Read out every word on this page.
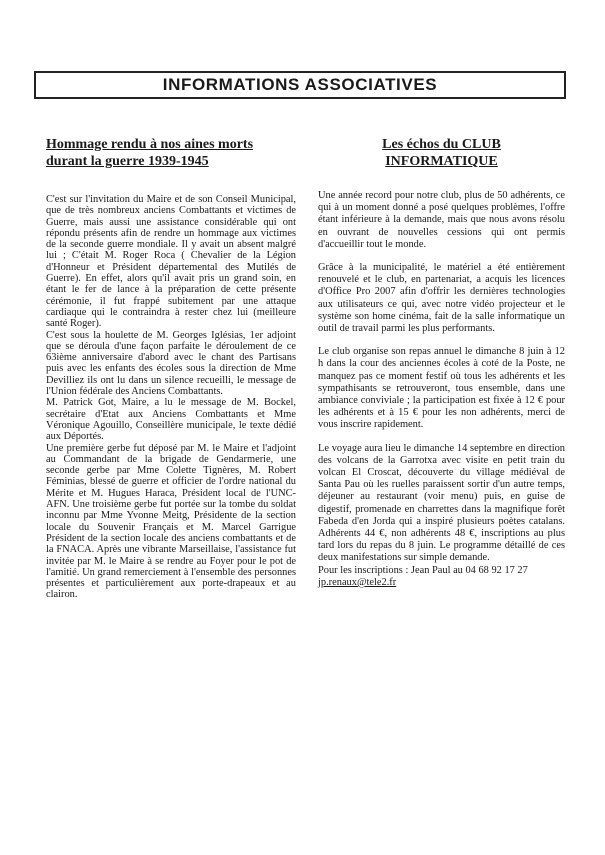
INFORMATIONS ASSOCIATIVES
Hommage rendu à nos aines morts
durant la guerre 1939-1945

C'est sur l'invitation du Maire et de son Conseil Municipal, que de très nombreux anciens Combattants et victimes de Guerre, mais aussi une assistance considérable qui ont répondu présents afin de rendre un hommage aux victimes de la seconde guerre mondiale. Il y avait un absent malgré lui ; C'était M. Roger Roca ( Chevalier de la Légion d'Honneur et Président départemental des Mutilés de Guerre). En effet, alors qu'il avait pris un grand soin, en étant le fer de lance à la préparation de cette présente cérémonie, il fut frappé subitement par une attaque cardiaque qui le contraindra à rester chez lui (meilleure santé Roger).

C'est sous la houlette de M. Georges Iglésias, 1er adjoint que se déroula d'une façon parfaite le déroulement de ce 63ième anniversaire d'abord avec le chant des Partisans puis avec les enfants des écoles sous la direction de Mme Devilliez ils ont lu dans un silence recueilli, le message de l'Union fédérale des Anciens Combattants.

M. Patrick Got, Maire, a lu le message de M. Bockel, secrétaire d'Etat aux Anciens Combattants et Mme Véronique Agouillo, Conseillère municipale, le texte dédié aux Déportés.

Une première gerbe fut déposé par M. le Maire et l'adjoint au Commandant de la brigade de Gendarmerie, une seconde gerbe par Mme Colette Tignères, M. Robert Féminias, blessé de guerre et officier de l'ordre national du Mérite et M. Hugues Haraca, Président local de l'UNC-AFN. Une troisième gerbe fut portée sur la tombe du soldat inconnu par Mme Yvonne Meitg, Présidente de la section locale du Souvenir Français et M. Marcel Garrigue Président de la section locale des anciens combattants et de la FNACA. Après une vibrante Marseillaise, l'assistance fut invitée par M. le Maire à se rendre au Foyer pour le pot de l'amitié. Un grand remerciement à l'ensemble des personnes présentes et particulièrement aux porte-drapeaux et au clairon.

Les échos du CLUB
INFORMATIQUE

Une année record pour notre club, plus de 50 adhérents, ce qui à un moment donné a posé quelques problèmes, l'offre étant inférieure à la demande, mais que nous avons résolu en ouvrant de nouvelles cessions qui ont permis d'accueillir tout le monde.

Grâce à la municipalité, le matériel a été entièrement renouvelé et le club, en partenariat, a acquis les licences d'Office Pro 2007 afin d'offrir les dernières technologies aux utilisateurs ce qui, avec notre vidéo projecteur et le système son home cinéma, fait de la salle informatique un outil de travail parmi les plus performants.

Le club organise son repas annuel le dimanche 8 juin à 12 h dans la cour des anciennes écoles à coté de la Poste, ne manquez pas ce moment festif où tous les adhérents et les sympathisants se retrouveront, tous ensemble, dans une ambiance conviviale ; la participation est fixée à 12 € pour les adhérents et à 15 € pour les non adhérents, merci de vous inscrire rapidement.

Le voyage aura lieu le dimanche 14 septembre en direction des volcans de la Garrotxa avec visite en petit train du volcan El Croscat, découverte du village médiéval de Santa Pau où les ruelles paraissent sortir d'un autre temps, déjeuner au restaurant (voir menu) puis, en guise de digestif, promenade en charrettes dans la magnifique forêt Fabeda d'en Jorda qui a inspiré plusieurs poètes catalans. Adhérents 44 €, non adhérents 48 €, inscriptions au plus tard lors du repas du 8 juin. Le programme détaillé de ces deux manifestations sur simple demande.

Pour les inscriptions : Jean Paul au 04 68 92 17 27

jp.renaux@tele2.fr
